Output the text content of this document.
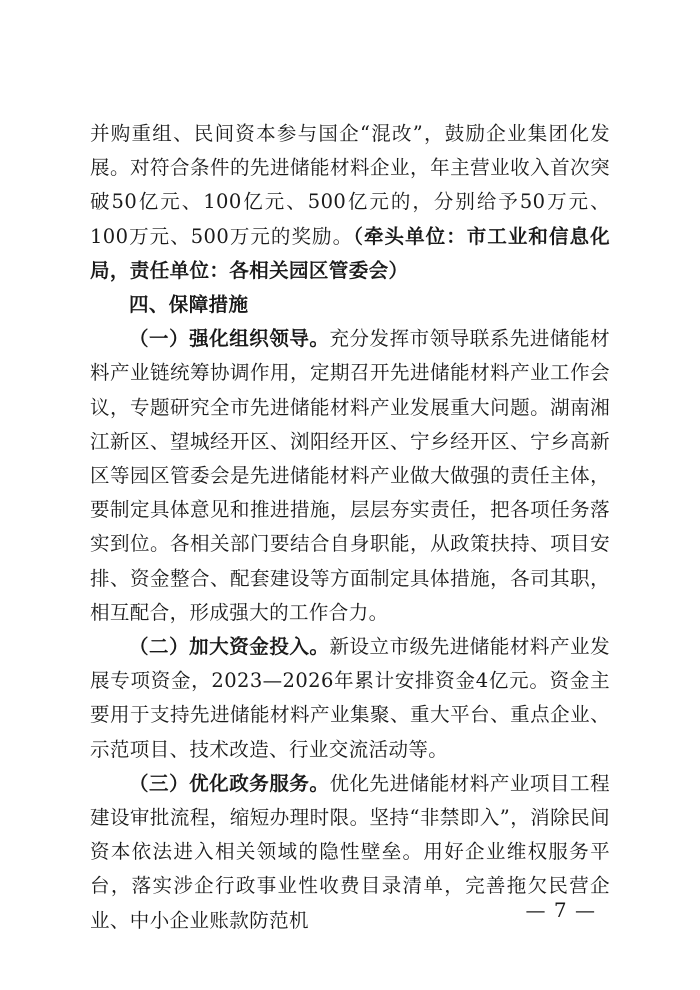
并购重组、民间资本参与国企“混改”，鼓励企业集团化发展。对符合条件的先进储能材料企业，年主营业收入首次突破50亿元、100亿元、500亿元的，分别给予50万元、100万元、500万元的奖励。（牵头单位：市工业和信息化局，责任单位：各相关园区管委会）

四、保障措施

（一）强化组织领导。充分发挥市领导联系先进储能材料产业链统筹协调作用，定期召开先进储能材料产业工作会议，专题研究全市先进储能材料产业发展重大问题。湖南湘江新区、望城经开区、浏阳经开区、宁乡经开区、宁乡高新区等园区管委会是先进储能材料产业做大做强的责任主体，要制定具体意见和推进措施，层层夯实责任，把各项任务落实到位。各相关部门要结合自身职能，从政策扶持、项目安排、资金整合、配套建设等方面制定具体措施，各司其职，相互配合，形成强大的工作合力。

（二）加大资金投入。新设立市级先进储能材料产业发展专项资金，2023—2026年累计安排资金4亿元。资金主要用于支持先进储能材料产业集聚、重大平台、重点企业、示范项目、技术改造、行业交流活动等。

（三）优化政务服务。优化先进储能材料产业项目工程建设审批流程，缩短办理时限。坚持“非禁即入”，消除民间资本依法进入相关领域的隐性壁垒。用好企业维权服务平台，落实涉企行政事业性收费目录清单，完善拖欠民营企业、中小企业账款防范机	— 7 —
